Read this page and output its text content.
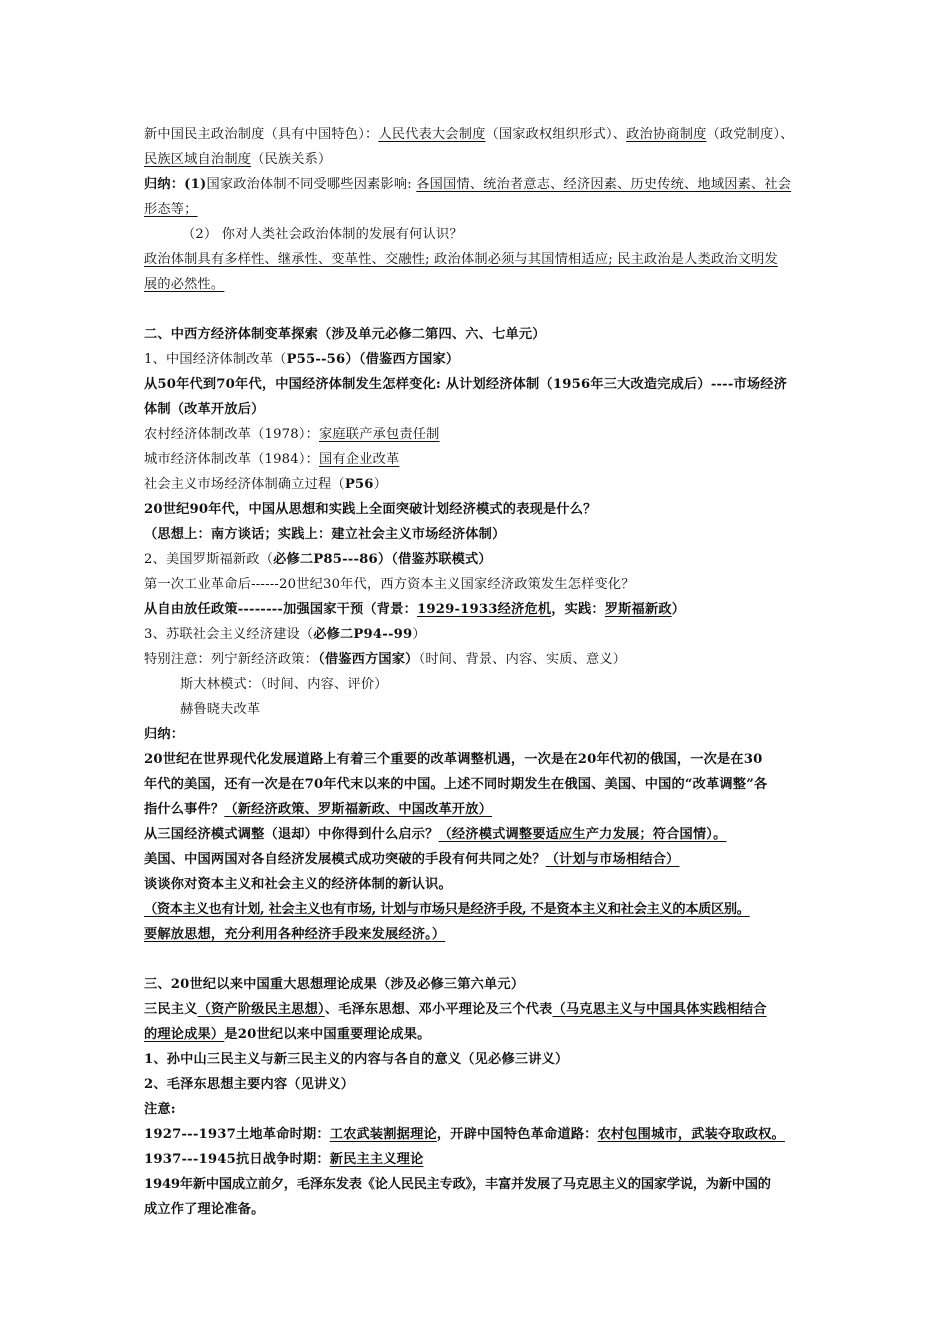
新中国民主政治制度（具有中国特色）：人民代表大会制度（国家政权组织形式）、政治协商制度（政党制度）、
民族区域自治制度（民族关系）
归纳：(1)国家政治体制不同受哪些因素影响: 各国国情、统治者意志、经济因素、历史传统、地域因素、社会
形态等；
（2） 你对人类社会政治体制的发展有何认识？
政治体制具有多样性、继承性、变革性、交融性; 政治体制必须与其国情相适应; 民主政治是人类政治文明发
展的必然性。
二、中西方经济体制变革探索（涉及单元必修二第四、六、七单元）
1、中国经济体制改革（P55--56）（借鉴西方国家）
从50年代到70年代，中国经济体制发生怎样变化: 从计划经济体制（1956年三大改造完成后）----市场经济
体制（改革开放后）
农村经济体制改革（1978）：家庭联产承包责任制
城市经济体制改革（1984）：国有企业改革
社会主义市场经济体制确立过程（P56）
20世纪90年代，中国从思想和实践上全面突破计划经济模式的表现是什么？
（思想上：南方谈话；实践上：建立社会主义市场经济体制）
2、美国罗斯福新政（必修二P85---86）（借鉴苏联模式）
第一次工业革命后------20世纪30年代，西方资本主义国家经济政策发生怎样变化？
从自由放任政策--------加强国家干预（背景：1929-1933经济危机，实践：罗斯福新政）
3、苏联社会主义经济建设（必修二P94--99）
特别注意：列宁新经济政策：（借鉴西方国家）（时间、背景、内容、实质、意义）
斯大林模式：（时间、内容、评价）
赫鲁晓夫改革
归纳：
20世纪在世界现代化发展道路上有着三个重要的改革调整机遇，一次是在20年代初的俄国，一次是在30
年代的美国，还有一次是在70年代末以来的中国。上述不同时期发生在俄国、美国、中国的“改革调整”各
指什么事件？（新经济政策、罗斯福新政、中国改革开放）
从三国经济模式调整（退却）中你得到什么启示？（经济模式调整要适应生产力发展；符合国情）。
美国、中国两国对各自经济发展模式成功突破的手段有何共同之处？（计划与市场相结合）
谈谈你对资本主义和社会主义的经济体制的新认识。
（资本主义也有计划, 社会主义也有市场, 计划与市场只是经济手段, 不是资本主义和社会主义的本质区别。
要解放思想，充分利用各种经济手段来发展经济。）
三、20世纪以来中国重大思想理论成果（涉及必修三第六单元）
三民主义（资产阶级民主思想）、毛泽东思想、邓小平理论及三个代表（马克思主义与中国具体实践相结合
的理论成果）是20世纪以来中国重要理论成果。
1、孙中山三民主义与新三民主义的内容与各自的意义（见必修三讲义）
2、毛泽东思想主要内容（见讲义）
注意:
1927---1937土地革命时期：工农武装割据理论，开辟中国特色革命道路：农村包围城市，武装夺取政权。
1937---1945抗日战争时期：新民主主义理论
1949年新中国成立前夕，毛泽东发表《论人民民主专政》，丰富并发展了马克思主义的国家学说，为新中国的
成立作了理论准备。
